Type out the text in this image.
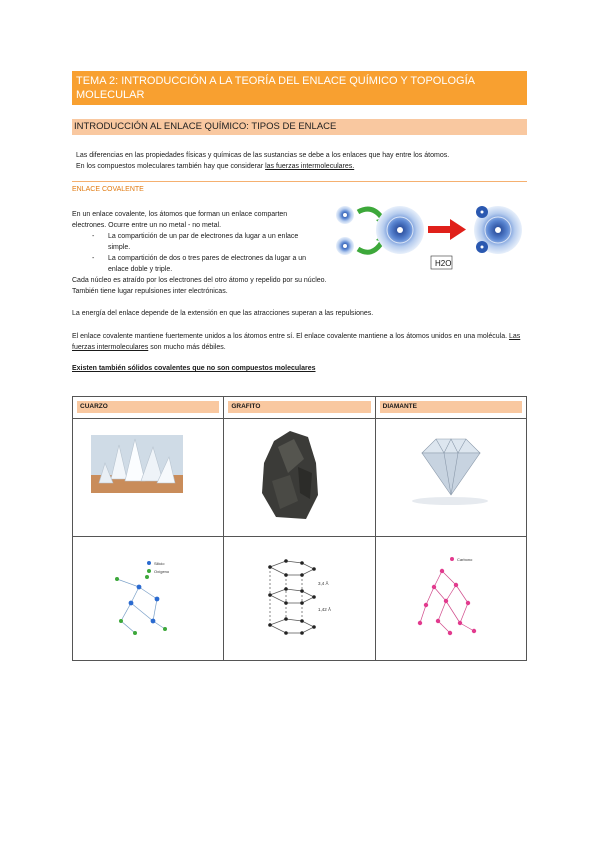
TEMA 2: INTRODUCCIÓN A LA TEORÍA DEL ENLACE QUÍMICO Y TOPOLOGÍA MOLECULAR
INTRODUCCIÓN AL ENLACE QUÍMICO: TIPOS DE ENLACE
Las diferencias en las propiedades físicas y químicas de las sustancias se debe a los enlaces que hay entre los átomos.
En los compuestos moleculares también hay que considerar las fuerzas intermoleculares.
ENLACE COVALENTE
En un enlace covalente, los átomos que forman un enlace comparten electrones. Ocurre entre un no metal - no metal.
- La compartición de un par de electrones da lugar a un enlace simple.
- La compartición de dos o tres pares de electrones da lugar a un enlace doble y triple.
Cada núcleo es atraído por los electrones del otro átomo y repelido por su núcleo. También tiene lugar repulsiones inter electrónicas.
H2O
La energía del enlace depende de la extensión en que las atracciones superan a las repulsiones.
El enlace covalente mantiene fuertemente unidos a los átomos entre sí. El enlace covalente mantiene a los átomos unidos en una molécula. Las fuerzas intermoleculares son mucho más débiles.
Existen también sólidos covalentes que no son compuestos moleculares
CUARZO	GRAFITO	DIAMANTE

Silicio
Oxígeno	3,4 Å
1,42 Å	Carbono
